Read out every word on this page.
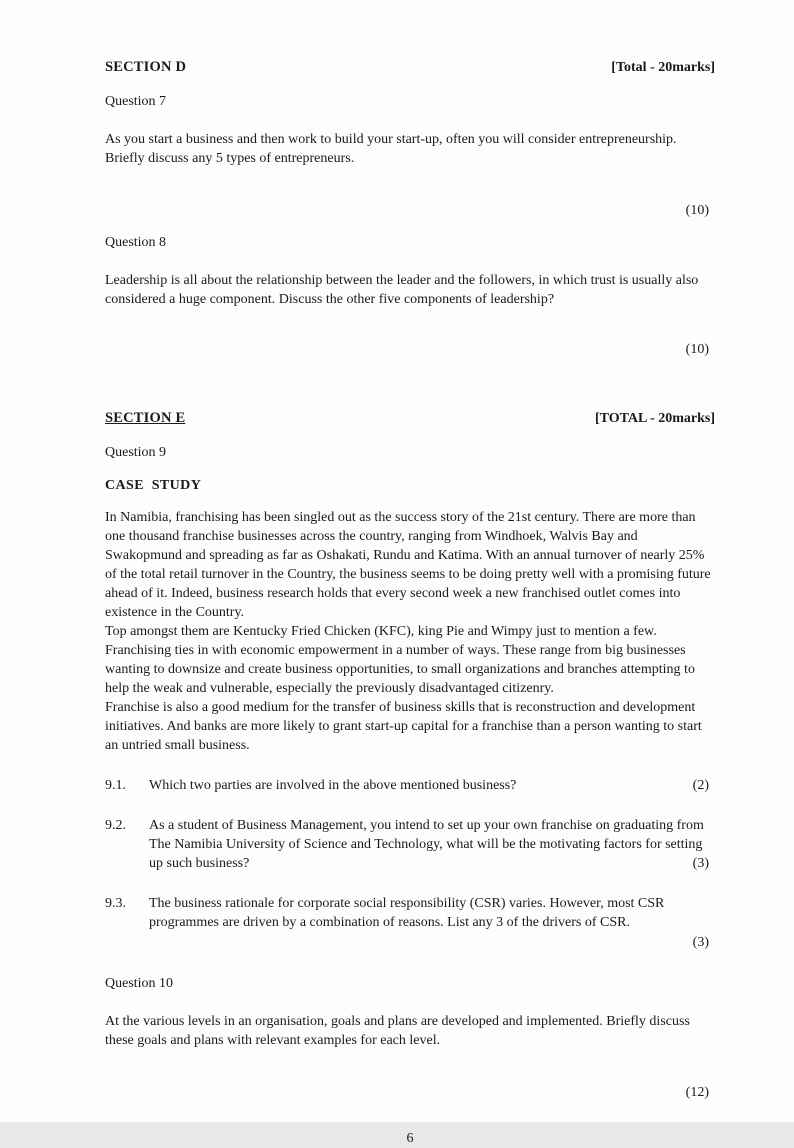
SECTION D	[Total - 20marks]
Question 7

As you start a business and then work to build your start-up, often you will consider entrepreneurship. Briefly discuss any 5 types of entrepreneurs.

(10)
Question 8

Leadership is all about the relationship between the leader and the followers, in which trust is usually also considered a huge component. Discuss the other five components of leadership?

(10)
SECTION E	[TOTAL - 20marks]
Question 9
CASE  STUDY

In Namibia, franchising has been singled out as the success story of the 21st century. There are more than one thousand franchise businesses across the country, ranging from Windhoek, Walvis Bay and Swakopmund and spreading as far as Oshakati, Rundu and Katima. With an annual turnover of nearly 25% of the total retail turnover in the Country, the business seems to be doing pretty well with a promising future ahead of it. Indeed, business research holds that every second week a new franchised outlet comes into existence in the Country.

Top amongst them are Kentucky Fried Chicken (KFC), king Pie and Wimpy just to mention a few. Franchising ties in with economic empowerment in a number of ways. These range from big businesses wanting to downsize and create business opportunities, to small organizations and branches attempting to help the weak and vulnerable, especially the previously disadvantaged citizenry.

Franchise is also a good medium for the transfer of business skills that is reconstruction and development initiatives. And banks are more likely to grant start-up capital for a franchise than a person wanting to start an untried small business.

9.1.	Which two parties are involved in the above mentioned business?	(2)
9.2.	As a student of Business Management, you intend to set up your own franchise on graduating from The Namibia University of Science and Technology, what will be the motivating factors for setting up such business?	(3)
9.3.	The business rationale for corporate social responsibility (CSR) varies. However, most CSR programmes are driven by a combination of reasons. List any 3 of the drivers of CSR.
(3)
Question 10

At the various levels in an organisation, goals and plans are developed and implemented. Briefly discuss these goals and plans with relevant examples for each level.

(12)
6
